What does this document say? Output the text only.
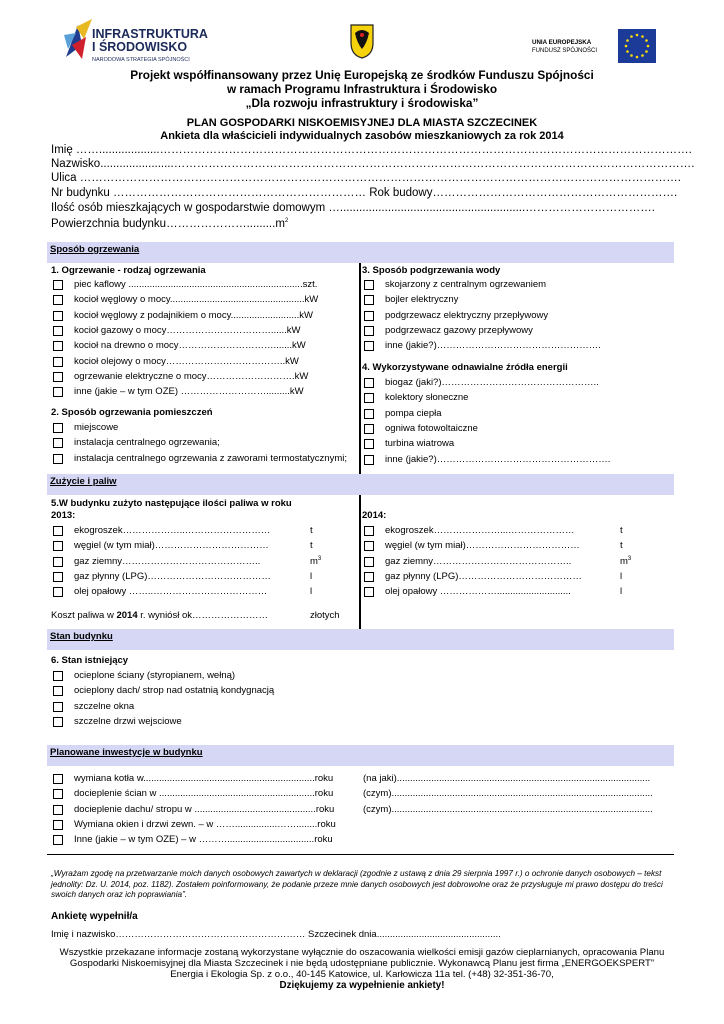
INFRASTRUKTURA
I ŚRODOWISKO
NARODOWA STRATEGIA SPÓJNOŚCI
UNIA EUROPEJSKA
FUNDUSZ SPÓJNOŚCI
Projekt współfinansowany przez Unię Europejską ze środków Funduszu Spójności
w ramach Programu Infrastruktura i Środowisko
„Dla rozwoju infrastruktury i środowiska”
PLAN GOSPODARKI NISKOEMISYJNEJ DLA MIASTA SZCZECINEK
Ankieta dla właścicieli indywidualnych zasobów mieszkaniowych za rok 2014
Imię ……...................………………………………………………………………………………………………………………………….
Nazwisko.......................……………………………………………………………………………………………………………………….
Ulica ………………………………………………………………………………………………………………………………………….
Nr budynku ………………………………………………………… Rok budowy……………………………………………………….
Ilość osób mieszkających w gospodarstwie domowym …..........................................................…………………………….
Powierzchnia $budynku\dots\dots\dots\dots\dots\dots\dots.........m^2$
Sposób ogrzewania
1. Ogrzewanie - rodzaj ogrzewania
piec kaflowy ..................................................................szt.
kocioł węglowy o mocy...................................................kW
kocioł węglowy z podajnikiem o mocy..........................kW
kocioł gazowy o mocy……………………………......kW
kocioł na drewno o mocy………………………….......kW
kocioł olejowy o mocy………………………………..kW
ogrzewanie elektryczne o mocy……………………….kW
inne (jakie – w tym OZE) ……………………….........kW
2. Sposób ogrzewania pomieszczeń
miejscowe
instalacja centralnego ogrzewania;
instalacja centralnego ogrzewania z zaworami termostatycznymi;
3. Sposób podgrzewania wody
skojarzony z centralnym ogrzewaniem
bojler elektryczny
podgrzewacz elektryczny przepływowy
podgrzewacz gazowy przepływowy
inne (jakie?)…………………………………………….
4. Wykorzystywane odnawialne źródła energii
biogaz (jaki?)…………………………………………..
kolektory słoneczne
pompa ciepła
ogniwa fotowoltaiczne
turbina wiatrowa
inne (jakie?)……………………………………………….
Zużycie i paliw
5.W budynku zużyto następujące ilości paliwa w roku
2013:	2014:
ekogroszek………………..………………………	t
węgiel (w tym miał)………………………………	t
gaz ziemny……………………………………..	$m^3$
gaz płynny (LPG)…………………………………	l
olej opałowy ……..………………………………	l
ekogroszek…………………...…………………	t
węgiel (w tym miał)………………………………	t
gaz ziemny……………………………………..	$m^3$
gaz płynny (LPG)…………………………………	l
olej opałowy ………………............................	l
Koszt paliwa w 2014 r. wyniósł ok……………………	złotych
Stan budynku
6. Stan istniejący
ocieplone ściany (styropianem, wełną)
ocieplony dach/ strop nad ostatnią kondygnacją
szczelne okna
szczelne drzwi wejsciowe
Planowane inwestycje w budynku
wymiana kotła w.................................................................roku	(na jaki)................................................................................................
docieplenie ścian w ...........................................................roku	(czym)...................................................................................................
docieplenie dachu/ stropu w ..............................................roku	(czym)...................................................................................................
Wymiana okien i drzwi zewn. – w ……................……........roku
Inne (jakie – w tym OZE) – w ……….................................roku
„Wyrażam zgodę na przetwarzanie moich danych osobowych zawartych w deklaracji (zgodnie z ustawą z dnia 29 sierpnia 1997 r.) o ochronie danych osobowych – tekst jednolity: Dz. U. 2014, poz. 1182). Zostałem poinformowany, że podanie przeze mnie danych osobowych jest dobrowolne oraz że przysługuje mi prawo dostępu do treści swoich danych oraz ich poprawiania”.
Ankietę wypełnił/a
Imię i nazwisko…………………………………………………… Szczecinek dnia...............................................
Wszystkie przekazane informacje zostaną wykorzystane wyłącznie do oszacowania wielkości emisji gazów cieplarnianych, opracowania Planu
Gospodarki Niskoemisyjnej dla Miasta Szczecinek i nie będą udostępniane publicznie. Wykonawcą Planu jest firma „ENERGOEKSPERT”
Energia i Ekologia Sp. z o.o., 40-145 Katowice, ul. Karłowicza 11a tel. (+48) 32-351-36-70,
Dziękujemy za wypełnienie ankiety!
